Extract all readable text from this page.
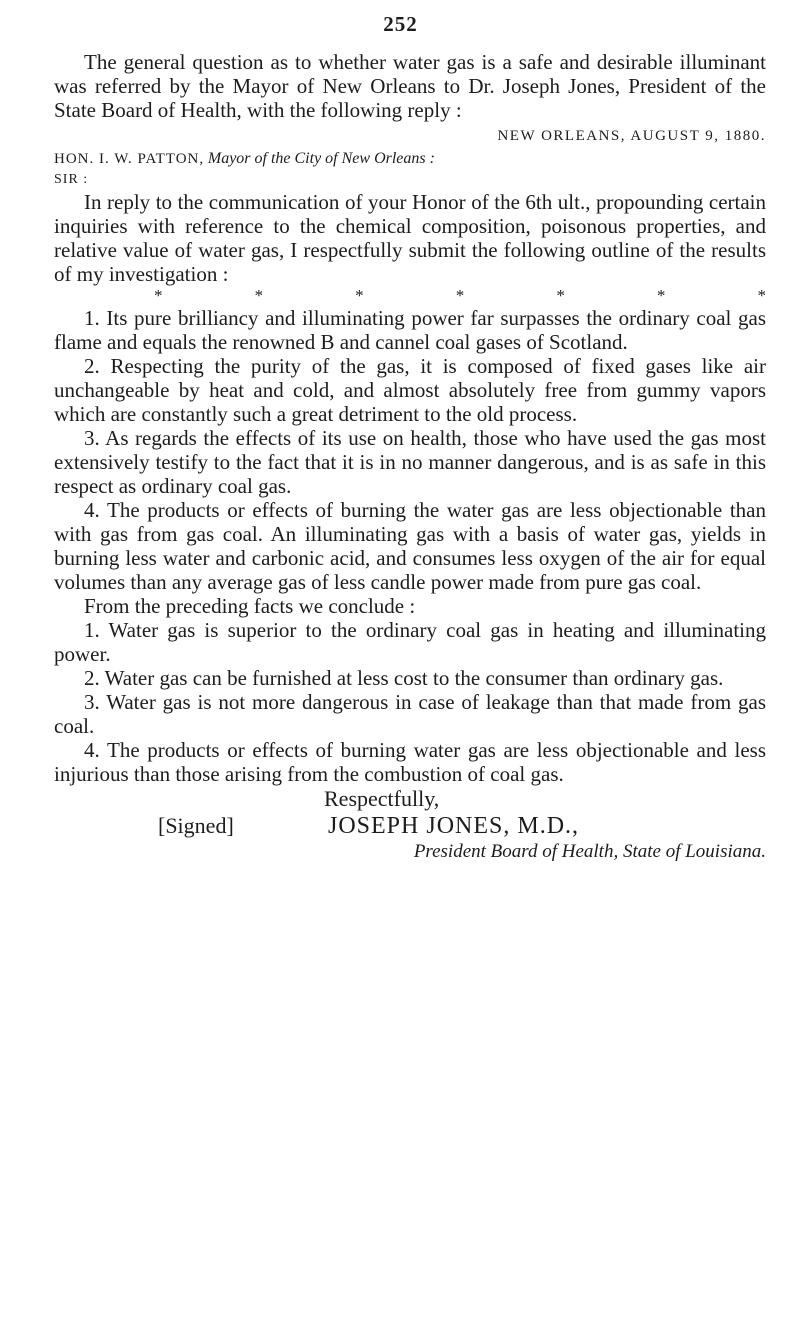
252

The general question as to whether water gas is a safe and desirable illuminant was referred by the Mayor of New Orleans to Dr. Joseph Jones, President of the State Board of Health, with the following reply :

NEW ORLEANS, AUGUST 9, 1880.
HON. I. W. PATTON, Mayor of the City of New Orleans :
SIR :

In reply to the communication of your Honor of the 6th ult., propounding certain inquiries with reference to the chemical composition, poisonous properties, and relative value of water gas, I respectfully submit the following outline of the results of my investigation :

*	*	*	*	*	*	*

1. Its pure brilliancy and illuminating power far surpasses the ordinary coal gas flame and equals the renowned B and cannel coal gases of Scotland.

2. Respecting the purity of the gas, it is composed of fixed gases like air unchangeable by heat and cold, and almost absolutely free from gummy vapors which are constantly such a great detriment to the old process.

3. As regards the effects of its use on health, those who have used the gas most extensively testify to the fact that it is in no manner dangerous, and is as safe in this respect as ordinary coal gas.

4. The products or effects of burning the water gas are less objectionable than with gas from gas coal. An illuminating gas with a basis of water gas, yields in burning less water and carbonic acid, and consumes less oxygen of the air for equal volumes than any average gas of less candle power made from pure gas coal.

From the preceding facts we conclude :

1. Water gas is superior to the ordinary coal gas in heating and illuminating power.

2. Water gas can be furnished at less cost to the consumer than ordinary gas.

3. Water gas is not more dangerous in case of leakage than that made from gas coal.

4. The products or effects of burning water gas are less objectionable and less injurious than those arising from the combustion of coal gas.

Respectfully,
[Signed]	JOSEPH JONES, M.D.,
President Board of Health, State of Louisiana.
